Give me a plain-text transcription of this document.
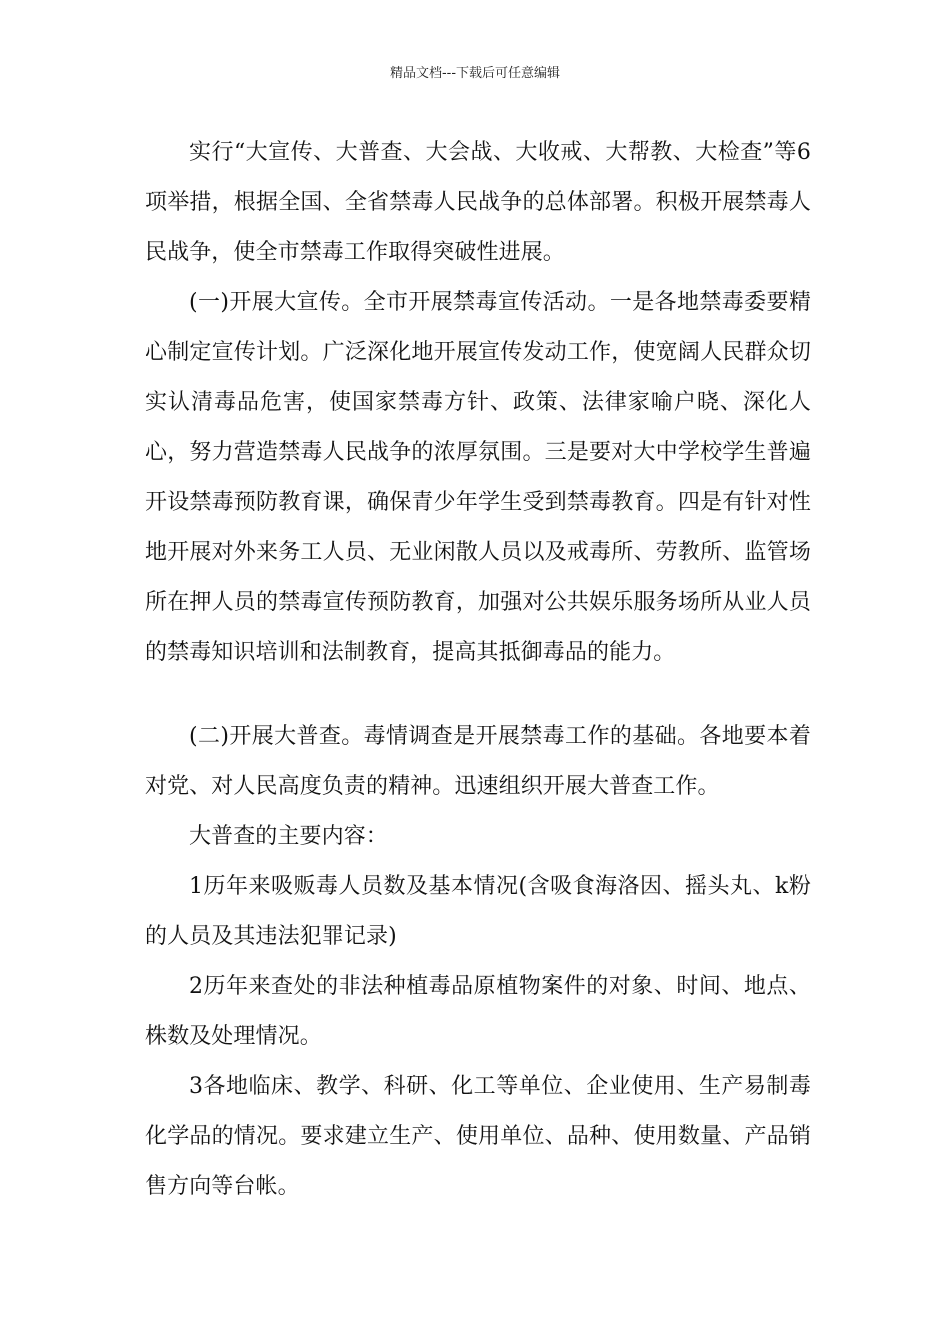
精品文档---下载后可任意编辑

实行“大宣传、大普查、大会战、大收戒、大帮教、大检查”等6项举措，根据全国、全省禁毒人民战争的总体部署。积极开展禁毒人民战争，使全市禁毒工作取得突破性进展。

(一)开展大宣传。全市开展禁毒宣传活动。一是各地禁毒委要精心制定宣传计划。广泛深化地开展宣传发动工作，使宽阔人民群众切实认清毒品危害，使国家禁毒方针、政策、法律家喻户晓、深化人心，努力营造禁毒人民战争的浓厚氛围。三是要对大中学校学生普遍开设禁毒预防教育课，确保青少年学生受到禁毒教育。四是有针对性地开展对外来务工人员、无业闲散人员以及戒毒所、劳教所、监管场所在押人员的禁毒宣传预防教育，加强对公共娱乐服务场所从业人员的禁毒知识培训和法制教育，提高其抵御毒品的能力。

(二)开展大普查。毒情调查是开展禁毒工作的基础。各地要本着对党、对人民高度负责的精神。迅速组织开展大普查工作。

大普查的主要内容：

1历年来吸贩毒人员数及基本情况(含吸食海洛因、摇头丸、k粉的人员及其违法犯罪记录)

2历年来查处的非法种植毒品原植物案件的对象、时间、地点、株数及处理情况。

3各地临床、教学、科研、化工等单位、企业使用、生产易制毒化学品的情况。要求建立生产、使用单位、品种、使用数量、产品销售方向等台帐。
